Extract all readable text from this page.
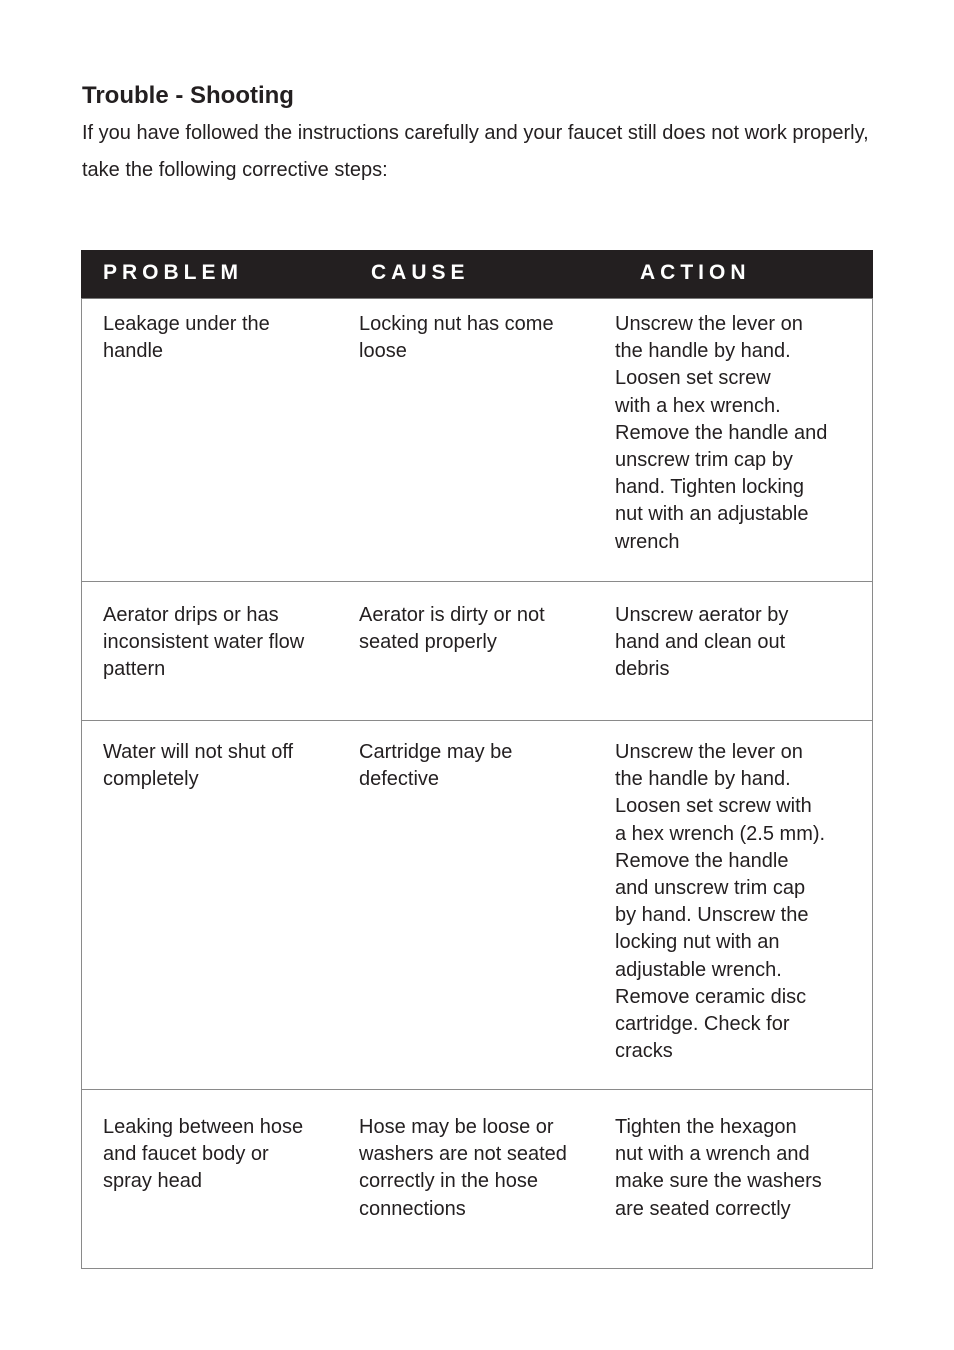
Trouble - Shooting

If you have followed the instructions carefully and your faucet still does not work properly, take the following corrective steps:

PROBLEM	CAUSE	ACTION
Leakage under the
handle
Locking nut has come
loose
Unscrew the lever on
the handle by hand.
Loosen set screw
with a hex wrench.
Remove the handle and
unscrew trim cap by
hand. Tighten locking
nut with an adjustable
wrench
Aerator drips or has
inconsistent water flow
pattern
Aerator is dirty or not
seated properly
Unscrew aerator by
hand and clean out
debris
Water will not shut off
completely
Cartridge may be
defective
Unscrew the lever on
the handle by hand.
Loosen set screw with
a hex wrench (2.5 mm).
Remove the handle
and unscrew trim cap
by hand. Unscrew the
locking nut with an
adjustable wrench.
Remove ceramic disc
cartridge. Check for
cracks
Leaking between hose
and faucet body or
spray head
Hose may be loose or
washers are not seated
correctly in the hose
connections
Tighten the hexagon
nut with a wrench and
make sure the washers
are seated correctly
